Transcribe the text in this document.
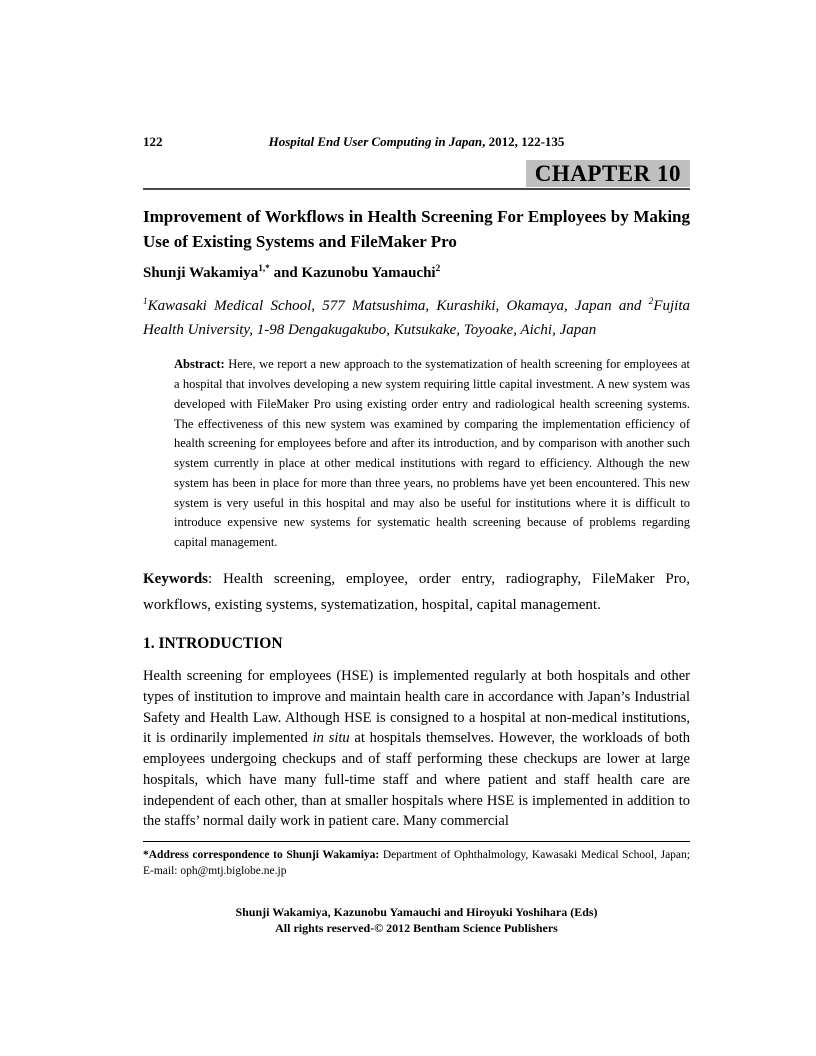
122	Hospital End User Computing in Japan, 2012, 122-135
CHAPTER 10
Improvement of Workflows in Health Screening For Employees by Making Use of Existing Systems and FileMaker Pro
Shunji Wakamiya$^{1,*}$ and Kazunobu Yamauchi$^2$
$^1$Kawasaki Medical School, 577 Matsushima, Kurashiki, Okamaya, Japan and $^2$Fujita Health University, 1-98 Dengakugakubo, Kutsukake, Toyoake, Aichi, Japan
Abstract: Here, we report a new approach to the systematization of health screening for employees at a hospital that involves developing a new system requiring little capital investment. A new system was developed with FileMaker Pro using existing order entry and radiological health screening systems. The effectiveness of this new system was examined by comparing the implementation efficiency of health screening for employees before and after its introduction, and by comparison with another such system currently in place at other medical institutions with regard to efficiency. Although the new system has been in place for more than three years, no problems have yet been encountered. This new system is very useful in this hospital and may also be useful for institutions where it is difficult to introduce expensive new systems for systematic health screening because of problems regarding capital management.
Keywords: Health screening, employee, order entry, radiography, FileMaker Pro, workflows, existing systems, systematization, hospital, capital management.
1. INTRODUCTION
Health screening for employees (HSE) is implemented regularly at both hospitals and other types of institution to improve and maintain health care in accordance with Japan’s Industrial Safety and Health Law. Although HSE is consigned to a hospital at non-medical institutions, it is ordinarily implemented in situ at hospitals themselves. However, the workloads of both employees undergoing checkups and of staff performing these checkups are lower at large hospitals, which have many full-time staff and where patient and staff health care are independent of each other, than at smaller hospitals where HSE is implemented in addition to the staffs’ normal daily work in patient care. Many commercial
*Address correspondence to Shunji Wakamiya: Department of Ophthalmology, Kawasaki Medical School, Japan; E-mail: oph@mtj.biglobe.ne.jp
Shunji Wakamiya, Kazunobu Yamauchi and Hiroyuki Yoshihara (Eds)
All rights reserved-© 2012 Bentham Science Publishers
